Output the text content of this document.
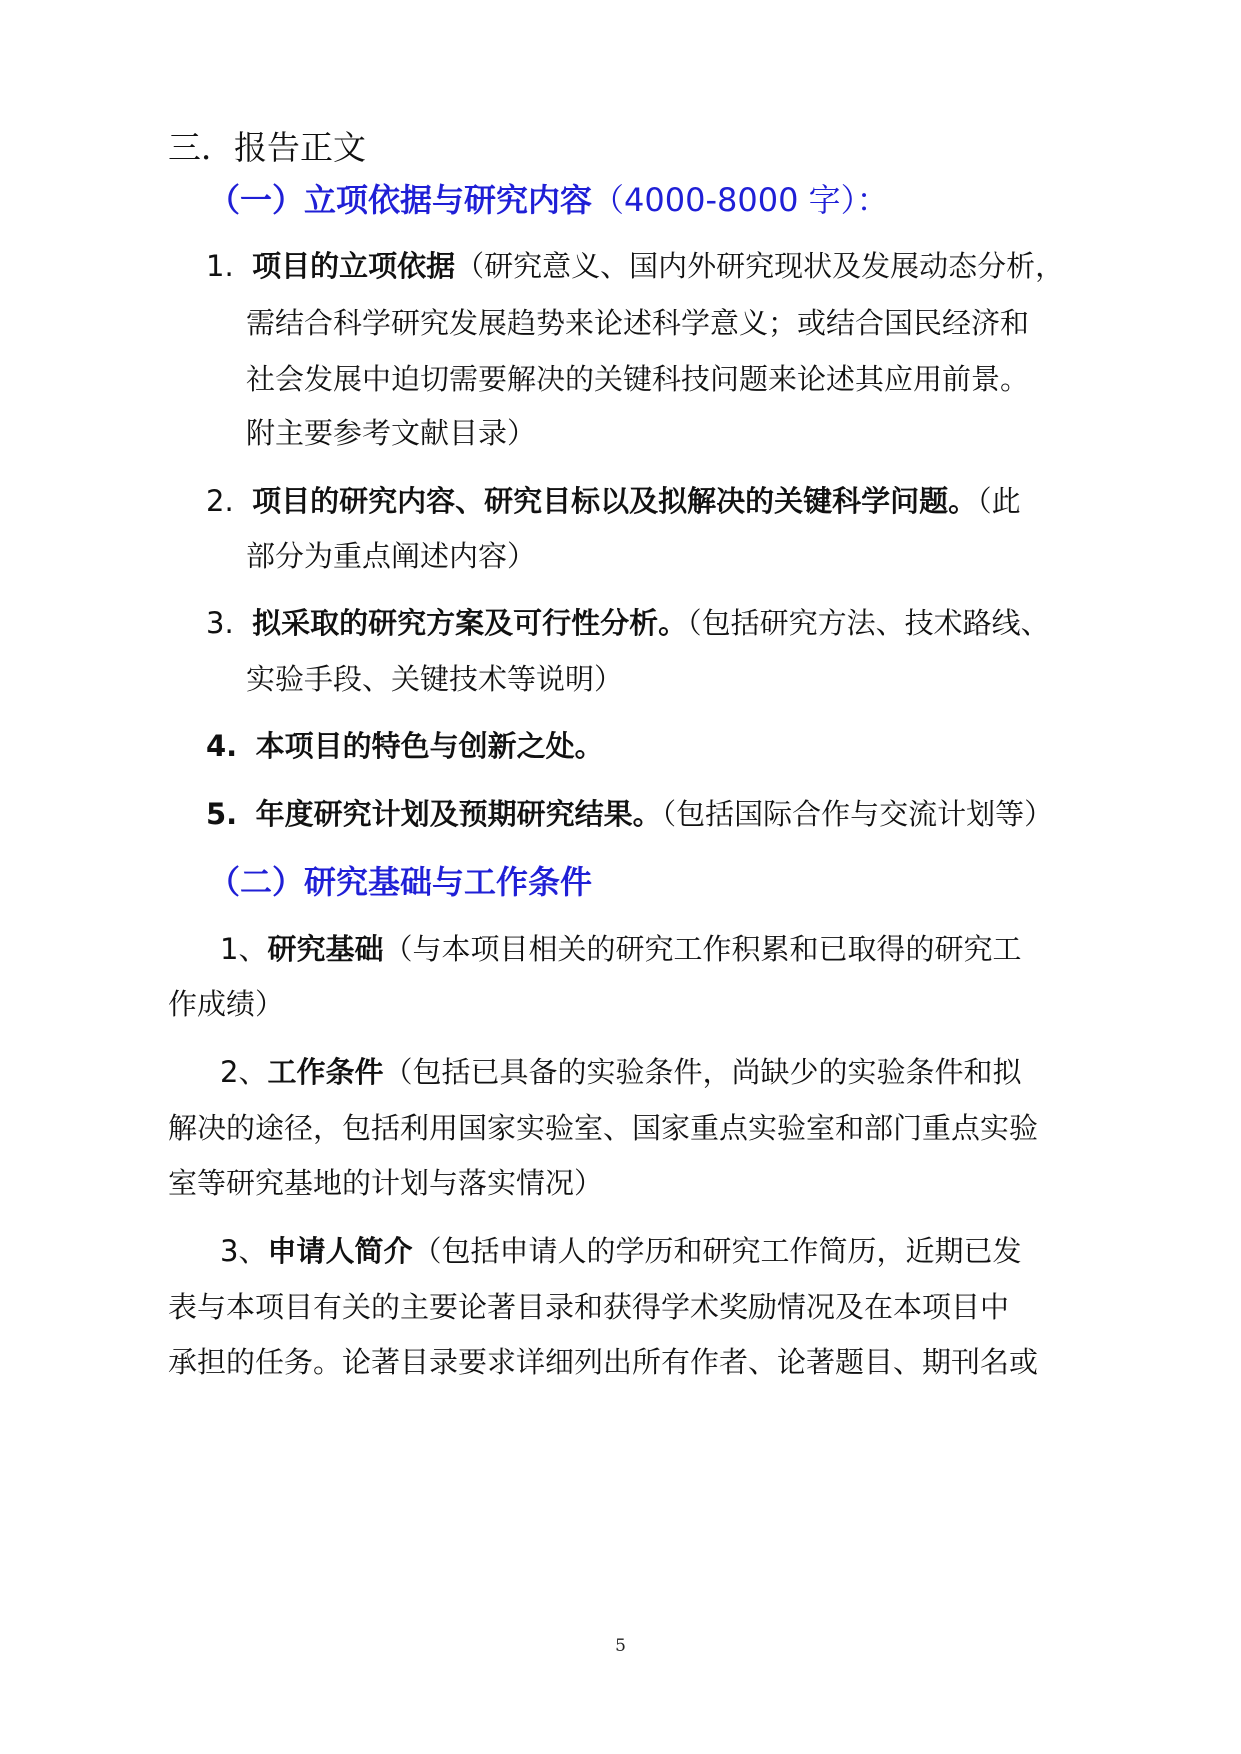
三．报告正文
（一）立项依据与研究内容（4000-8000 字）：
1. 项目的立项依据（研究意义、国内外研究现状及发展动态分析，
需结合科学研究发展趋势来论述科学意义；或结合国民经济和
社会发展中迫切需要解决的关键科技问题来论述其应用前景。
附主要参考文献目录）
2. 项目的研究内容、研究目标以及拟解决的关键科学问题。（此
部分为重点阐述内容）
3. 拟采取的研究方案及可行性分析。（包括研究方法、技术路线、
实验手段、关键技术等说明）
4. 本项目的特色与创新之处。
5. 年度研究计划及预期研究结果。（包括国际合作与交流计划等）
（二）研究基础与工作条件
1、研究基础（与本项目相关的研究工作积累和已取得的研究工
作成绩）
2、工作条件（包括已具备的实验条件，尚缺少的实验条件和拟
解决的途径，包括利用国家实验室、国家重点实验室和部门重点实验
室等研究基地的计划与落实情况）
3、申请人简介（包括申请人的学历和研究工作简历，近期已发
表与本项目有关的主要论著目录和获得学术奖励情况及在本项目中
承担的任务。论著目录要求详细列出所有作者、论著题目、期刊名或
5
